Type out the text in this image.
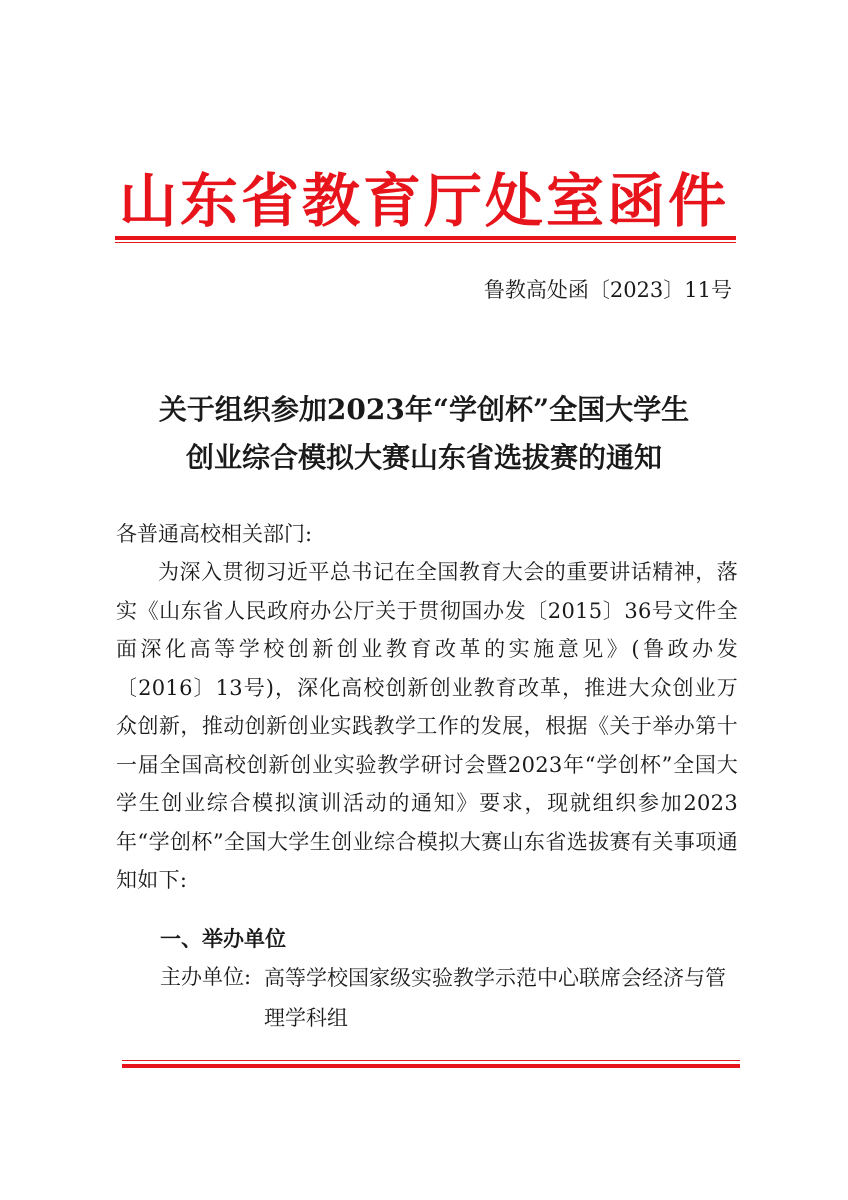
山东省教育厅处室函件
鲁教高处函〔2023〕11号
关于组织参加2023年“学创杯”全国大学生
创业综合模拟大赛山东省选拔赛的通知
各普通高校相关部门:
为深入贯彻习近平总书记在全国教育大会的重要讲话精神，落实《山东省人民政府办公厅关于贯彻国办发〔2015〕36号文件全面深化高等学校创新创业教育改革的实施意见》(鲁政办发〔2016〕13号)，深化高校创新创业教育改革，推进大众创业万众创新，推动创新创业实践教学工作的发展，根据《关于举办第十一届全国高校创新创业实验教学研讨会暨2023年“学创杯”全国大学生创业综合模拟演训活动的通知》要求，现就组织参加2023年“学创杯”全国大学生创业综合模拟大赛山东省选拔赛有关事项通知如下:
一、举办单位
主办单位: 高等学校国家级实验教学示范中心联席会经济与管理学科组
